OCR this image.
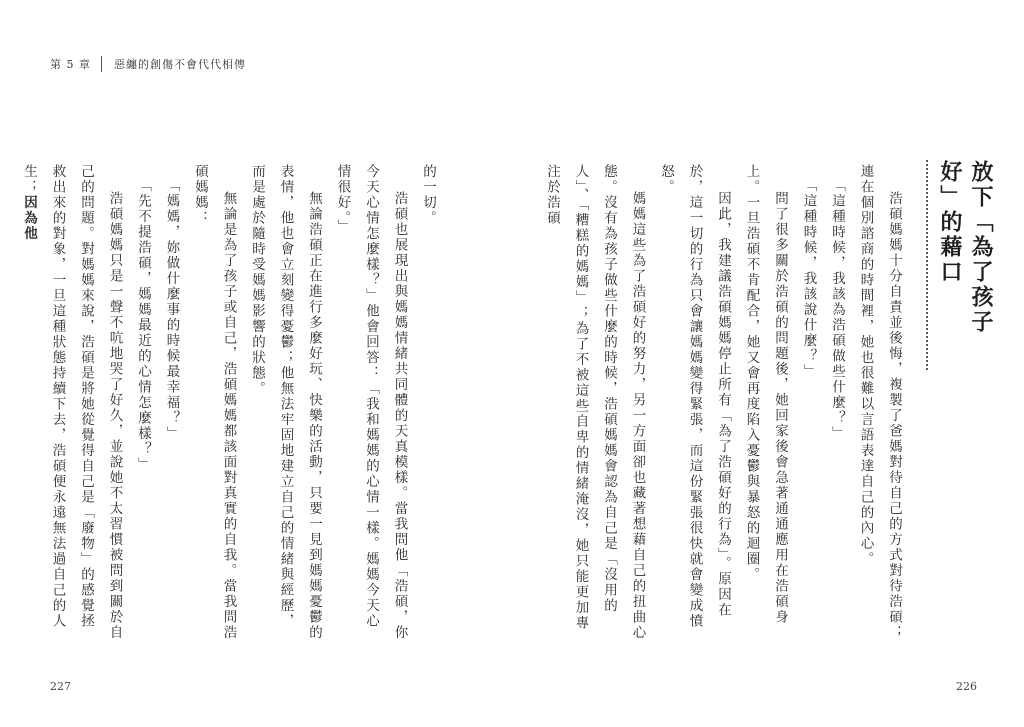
第 5 章 惡纏的創傷不會代代相傳
放下「為了孩子好」的藉口

浩碩媽媽十分自責並後悔，複製了爸媽對待自己的方式對待浩碩；連在個別諮商的時間裡，她也很難以言語表達自己的內心。

「這種時候，我該為浩碩做些什麼？」

「這種時候，我該說什麼？」

問了很多關於浩碩的問題後，她回家後會急著通通應用在浩碩身上。一旦浩碩不肯配合，她又會再度陷入憂鬱與暴怒的迴圈。

因此，我建議浩碩媽媽停止所有「為了浩碩好的行為」。原因在於，這一切的行為只會讓媽媽變得緊張，而這份緊張很快就會變成憤怒。

媽媽這些為了浩碩好的努力，另一方面卻也藏著想藉自己的扭曲心態。沒有為孩子做些什麼的時候，浩碩媽媽會認為自己是「沒用的人」、「糟糕的媽媽」；為了不被這些自卑的情緒淹沒，她只能更加專注於浩碩

的一切。

浩碩也展現出與媽媽情緒共同體的天真模樣。當我問他「浩碩，你今天心情怎麼樣？」他會回答：「我和媽媽的心情一樣。媽媽今天心情很好。」

無論浩碩正在進行多麼好玩、快樂的活動，只要一見到媽媽憂鬱的表情，他也會立刻變得憂鬱；他無法牢固地建立自己的情緒與經歷，而是處於隨時受媽媽影響的狀態。

無論是為了孩子或自己，浩碩媽媽都該面對真實的自我。當我問浩碩媽媽：

「媽媽，妳做什麼事的時候最幸福？」

「先不提浩碩，媽媽最近的心情怎麼樣？」

浩碩媽媽只是一聲不吭地哭了好久，並說她不太習慣被問到關於自己的問題。對媽媽來說，浩碩是將她從覺得自己是「廢物」的感覺拯救出來的對象，一旦這種狀態持續下去，浩碩便永遠無法過自己的人生；因為他

227	226
